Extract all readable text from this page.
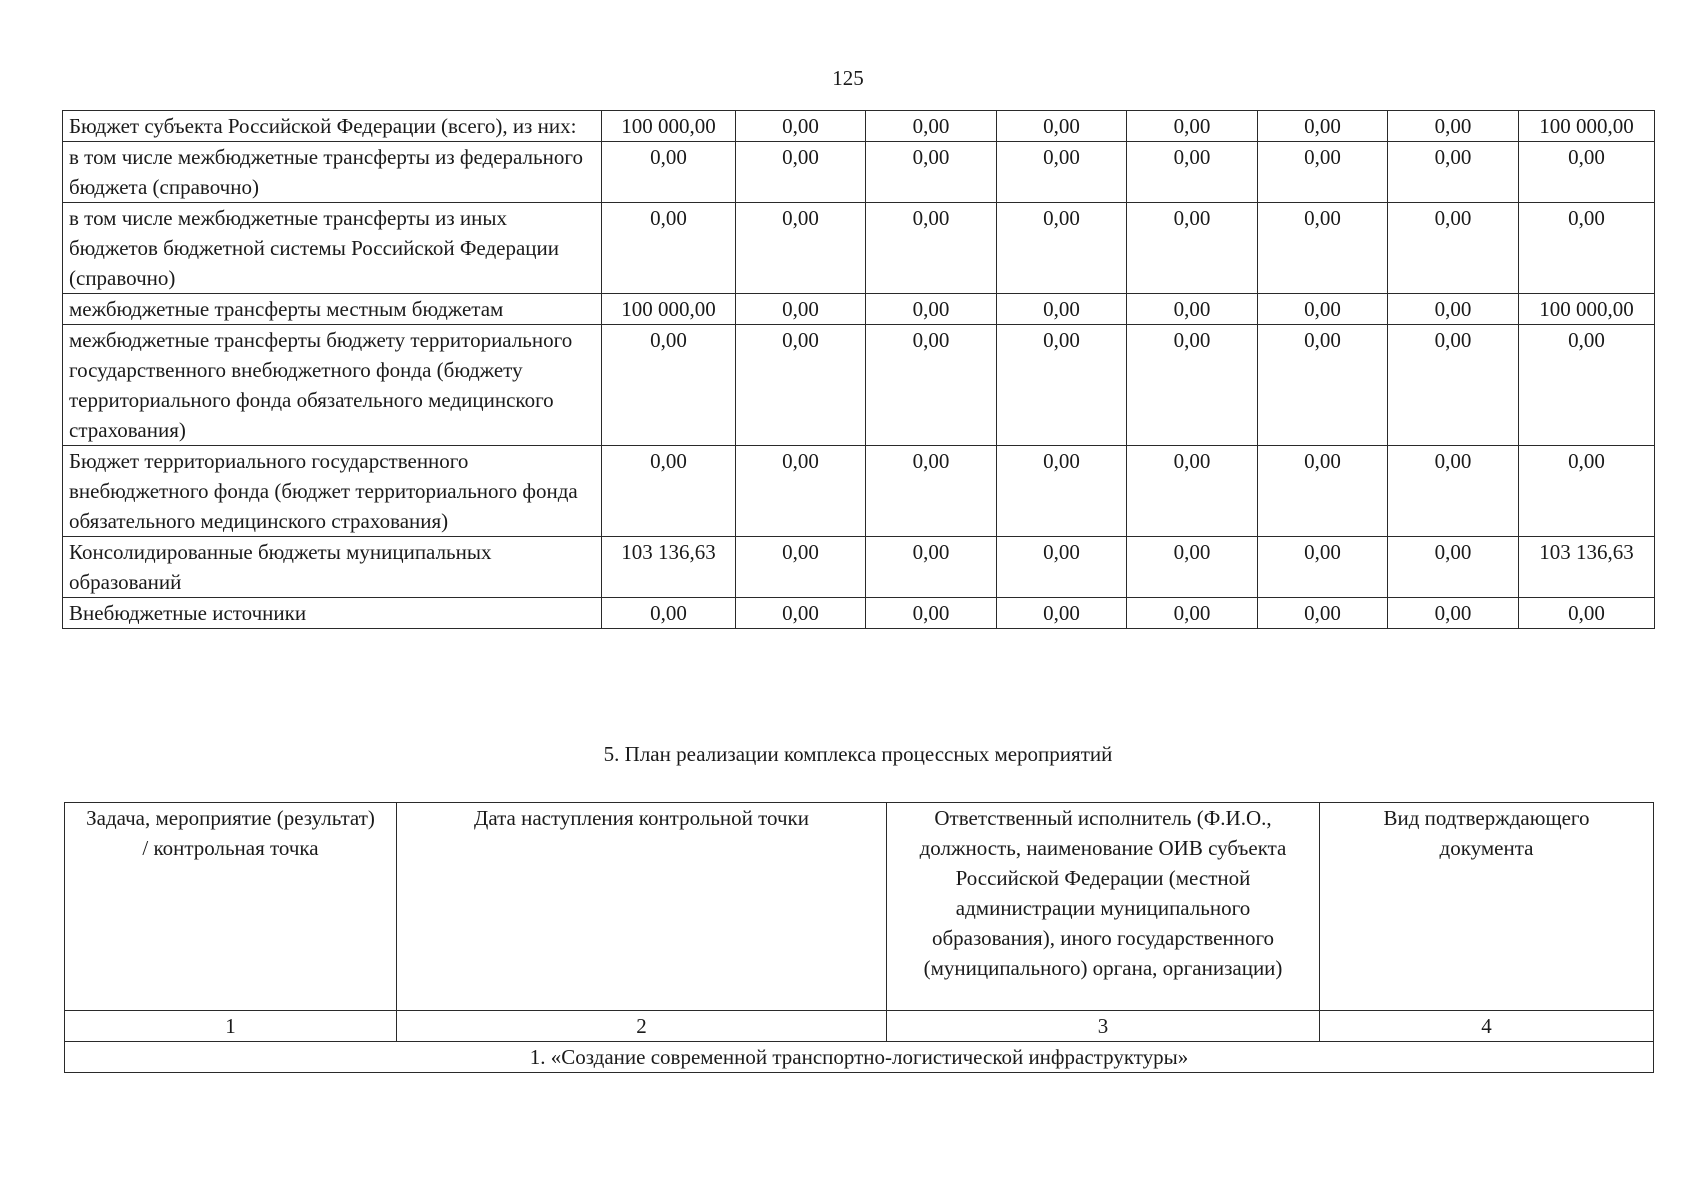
125
Бюджет субъекта Российской Федерации (всего), из них:	100 000,00	0,00	0,00	0,00	0,00	0,00	0,00	100 000,00
в том числе межбюджетные трансферты из федерального бюджета (справочно)	0,00	0,00	0,00	0,00	0,00	0,00	0,00	0,00
в том числе межбюджетные трансферты из иных бюджетов бюджетной системы Российской Федерации (справочно)	0,00	0,00	0,00	0,00	0,00	0,00	0,00	0,00
межбюджетные трансферты местным бюджетам	100 000,00	0,00	0,00	0,00	0,00	0,00	0,00	100 000,00
межбюджетные трансферты бюджету территориального государственного внебюджетного фонда (бюджету территориального фонда обязательного медицинского страхования)	0,00	0,00	0,00	0,00	0,00	0,00	0,00	0,00
Бюджет территориального государственного внебюджетного фонда (бюджет территориального фонда обязательного медицинского страхования)	0,00	0,00	0,00	0,00	0,00	0,00	0,00	0,00
Консолидированные бюджеты муниципальных образований	103 136,63	0,00	0,00	0,00	0,00	0,00	0,00	103 136,63
Внебюджетные источники	0,00	0,00	0,00	0,00	0,00	0,00	0,00	0,00
5. План реализации комплекса процессных мероприятий
Задача, мероприятие (результат) / контрольная точка	Дата наступления контрольной точки	Ответственный исполнитель (Ф.И.О., должность, наименование ОИВ субъекта Российской Федерации (местной администрации муниципального образования), иного государственного (муниципального) органа, организации)	Вид подтверждающего документа
1	2	3	4
1. «Создание современной транспортно-логистической инфраструктуры»			
